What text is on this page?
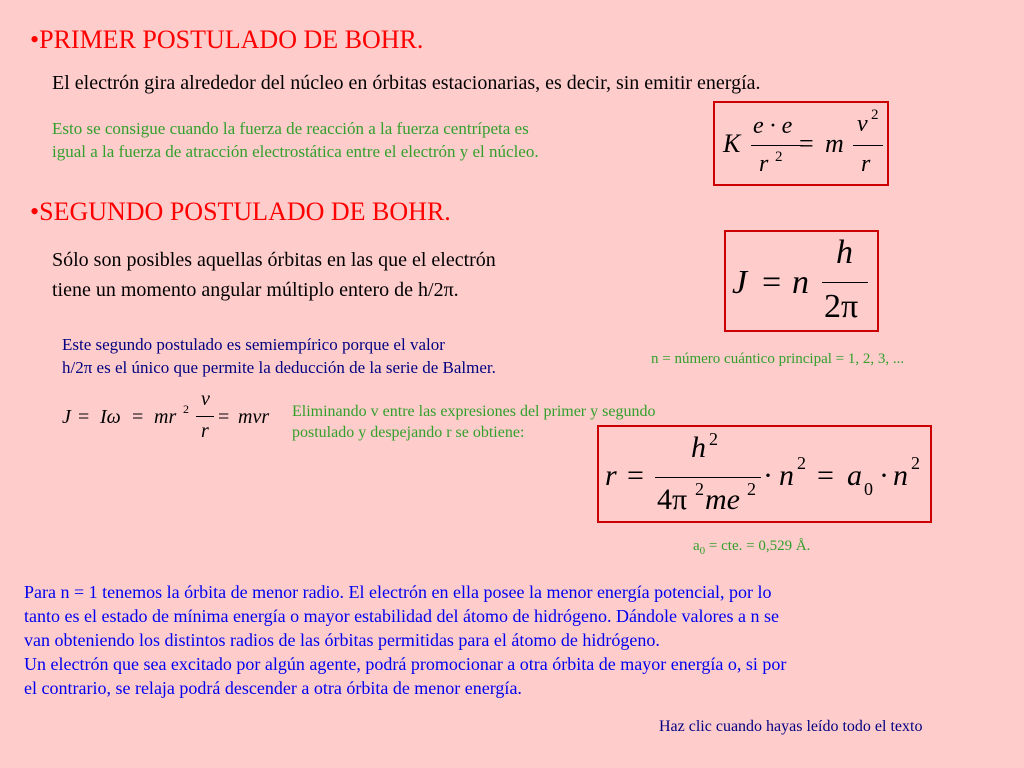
•PRIMER POSTULADO DE BOHR.
El electrón gira alrededor del núcleo en órbitas estacionarias, es decir, sin emitir energía.
Esto se consigue cuando la fuerza de reacción a la fuerza centrípeta es
igual a la fuerza de atracción electrostática entre el electrón y el núcleo.	K
e · e
r 2 = m
v 2
r
•SEGUNDO POSTULADO DE BOHR.
Sólo son posibles aquellas órbitas en las que el electrón
tiene un momento angular múltiplo entero de h/2π.	J = n
h
2π
Este segundo postulado es semiempírico porque el valor
h/2π es el único que permite la deducción de la serie de Balmer.	n = número cuántico principal = 1, 2, 3, ...
J = Iω = mr 2 v
r
= mvr Eliminando v entre las expresiones del primer y segundo
postulado y despejando r se obtiene:
r =
h 2
4π 2 me 2 · n 2 = a 0 · n 2
$a_0$ = cte. = 0,529 Å.
Para n = 1 tenemos la órbita de menor radio. El electrón en ella posee la menor energía potencial, por lo
tanto es el estado de mínima energía o mayor estabilidad del átomo de hidrógeno. Dándole valores a n se
van obteniendo los distintos radios de las órbitas permitidas para el átomo de hidrógeno.
Un electrón que sea excitado por algún agente, podrá promocionar a otra órbita de mayor energía o, si por
el contrario, se relaja podrá descender a otra órbita de menor energía.
Haz clic cuando hayas leído todo el texto
